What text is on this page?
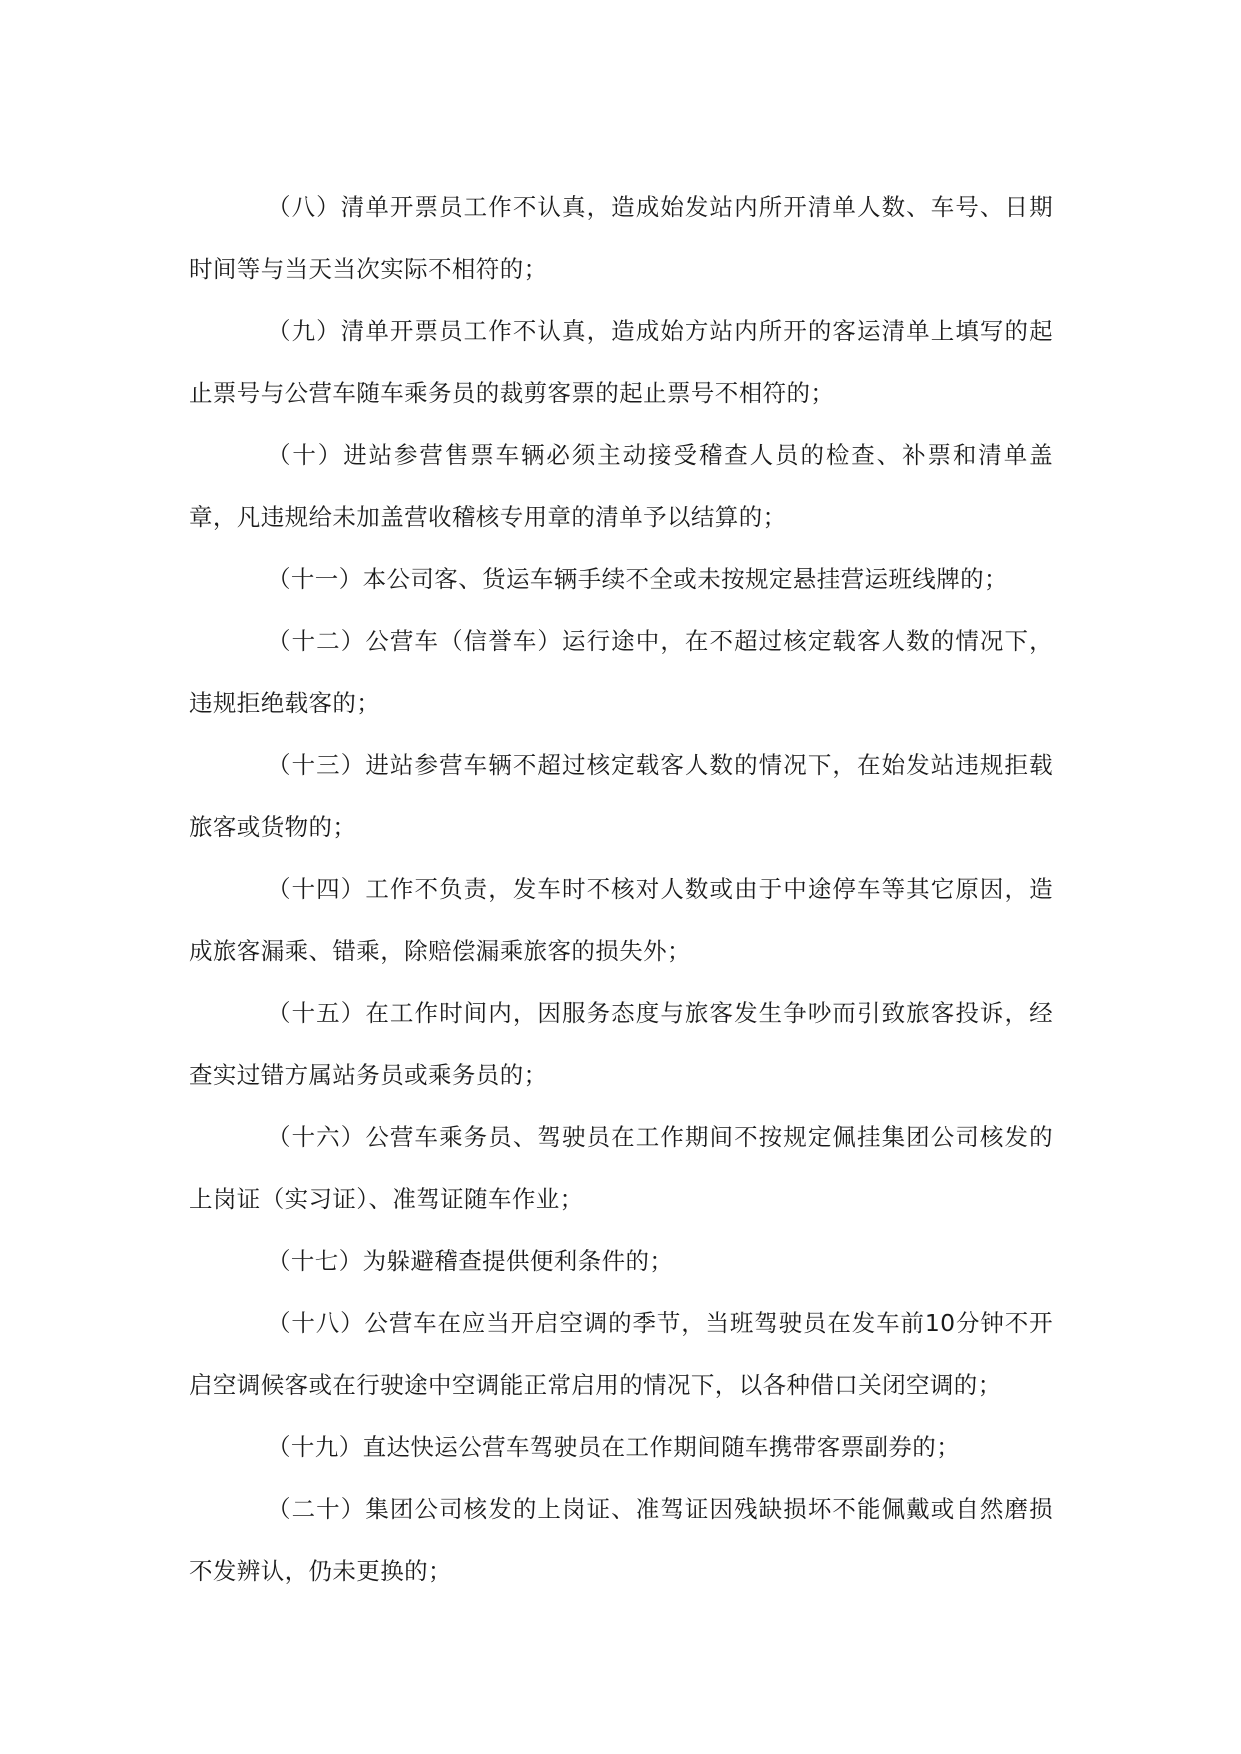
（八）清单开票员工作不认真，造成始发站内所开清单人数、车号、日期时间等与当天当次实际不相符的；

（九）清单开票员工作不认真，造成始方站内所开的客运清单上填写的起止票号与公营车随车乘务员的裁剪客票的起止票号不相符的；

（十）进站参营售票车辆必须主动接受稽查人员的检查、补票和清单盖章，凡违规给未加盖营收稽核专用章的清单予以结算的；

（十一）本公司客、货运车辆手续不全或未按规定悬挂营运班线牌的；

（十二）公营车（信誉车）运行途中，在不超过核定载客人数的情况下，违规拒绝载客的；

（十三）进站参营车辆不超过核定载客人数的情况下，在始发站违规拒载旅客或货物的；

（十四）工作不负责，发车时不核对人数或由于中途停车等其它原因，造成旅客漏乘、错乘，除赔偿漏乘旅客的损失外；

（十五）在工作时间内，因服务态度与旅客发生争吵而引致旅客投诉，经查实过错方属站务员或乘务员的；

（十六）公营车乘务员、驾驶员在工作期间不按规定佩挂集团公司核发的上岗证（实习证）、准驾证随车作业；

（十七）为躲避稽查提供便利条件的；

（十八）公营车在应当开启空调的季节，当班驾驶员在发车前10分钟不开启空调候客或在行驶途中空调能正常启用的情况下，以各种借口关闭空调的；

（十九）直达快运公营车驾驶员在工作期间随车携带客票副券的；

（二十）集团公司核发的上岗证、准驾证因残缺损坏不能佩戴或自然磨损不发辨认，仍未更换的；
